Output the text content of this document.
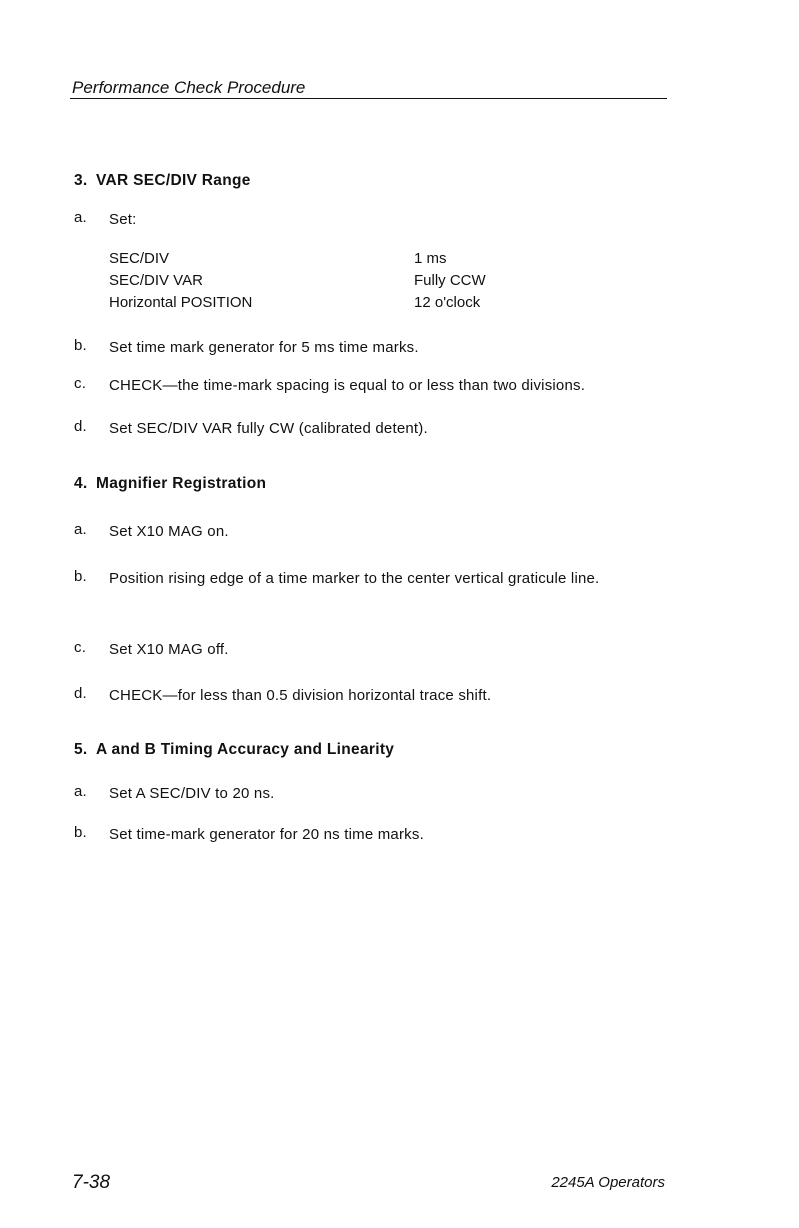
Performance Check Procedure
3. VAR SEC/DIV Range
a. Set:
SEC/DIV	1 ms
SEC/DIV VAR	Fully CCW
Horizontal POSITION	12 o'clock
b. Set time mark generator for 5 ms time marks.
c. CHECK—the time-mark spacing is equal to or less than two divisions.
d. Set SEC/DIV VAR fully CW (calibrated detent).
4. Magnifier Registration
a. Set X10 MAG on.
b. Position rising edge of a time marker to the center vertical graticule line.
c. Set X10 MAG off.
d. CHECK—for less than 0.5 division horizontal trace shift.
5. A and B Timing Accuracy and Linearity
a. Set A SEC/DIV to 20 ns.
b. Set time-mark generator for 20 ns time marks.
7-38	2245A Operators
